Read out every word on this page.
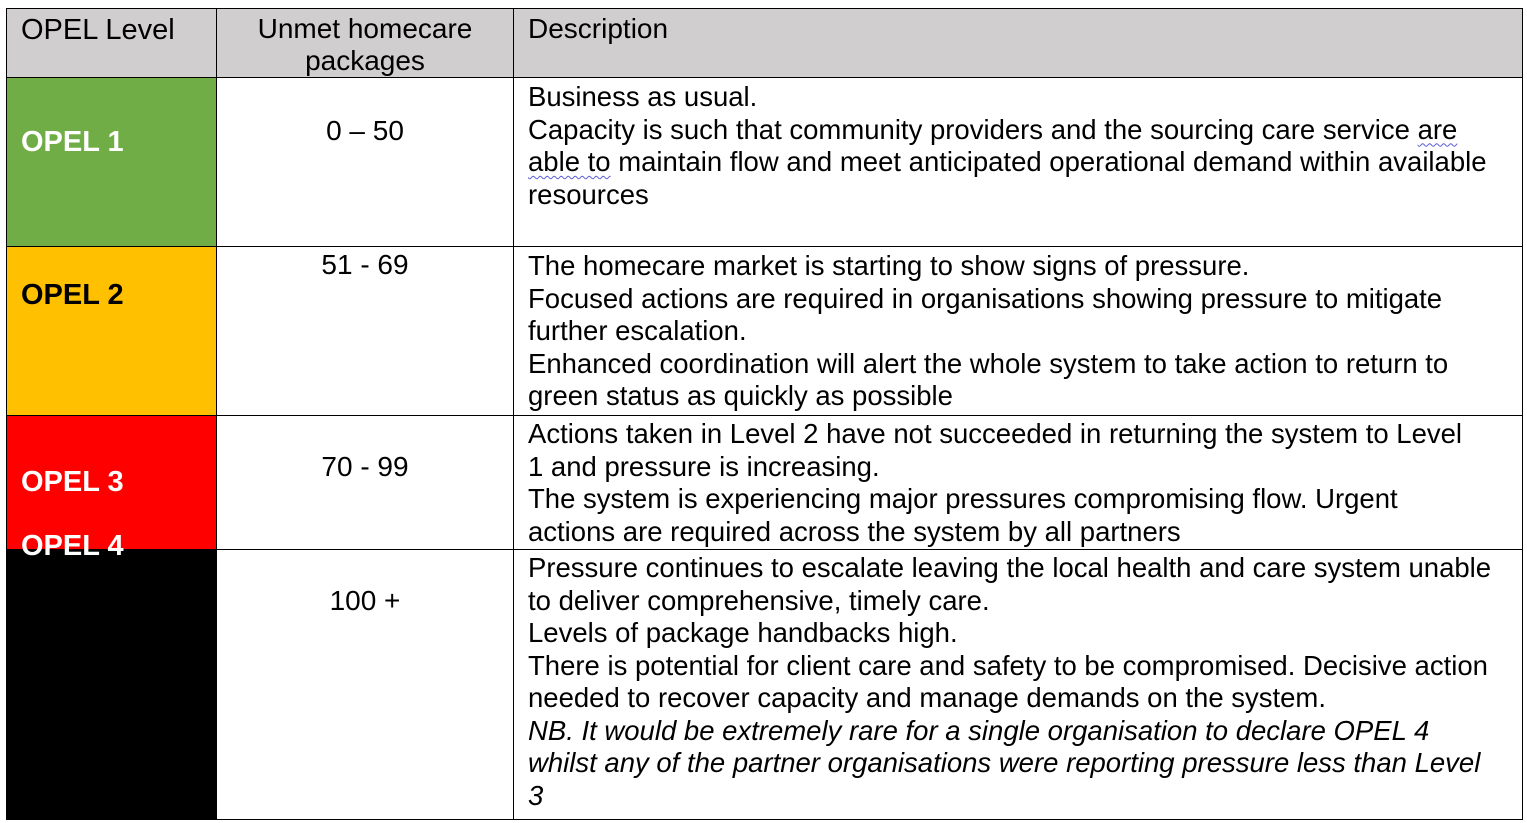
OPEL Level	Unmet homecare packages	Description

OPEL 1	0 – 50	Business as usual.

Capacity is such that community providers and the sourcing care service are able to maintain flow and meet anticipated operational demand within available resources

OPEL 2	51 - 69	The homecare market is starting to show signs of pressure.

Focused actions are required in organisations showing pressure to mitigate further escalation.

Enhanced coordination will alert the whole system to take action to return to green status as quickly as possible

OPEL 3	70 - 99	Actions taken in Level 2 have not succeeded in returning the system to Level 1 and pressure is increasing.

The system is experiencing major pressures compromising flow. Urgent actions are required across the system by all partners

OPEL 4	100 +	Pressure continues to escalate leaving the local health and care system unable to deliver comprehensive, timely care.

Levels of package handbacks high.

There is potential for client care and safety to be compromised. Decisive action needed to recover capacity and manage demands on the system.

NB. It would be extremely rare for a single organisation to declare OPEL 4 whilst any of the partner organisations were reporting pressure less than Level 3
